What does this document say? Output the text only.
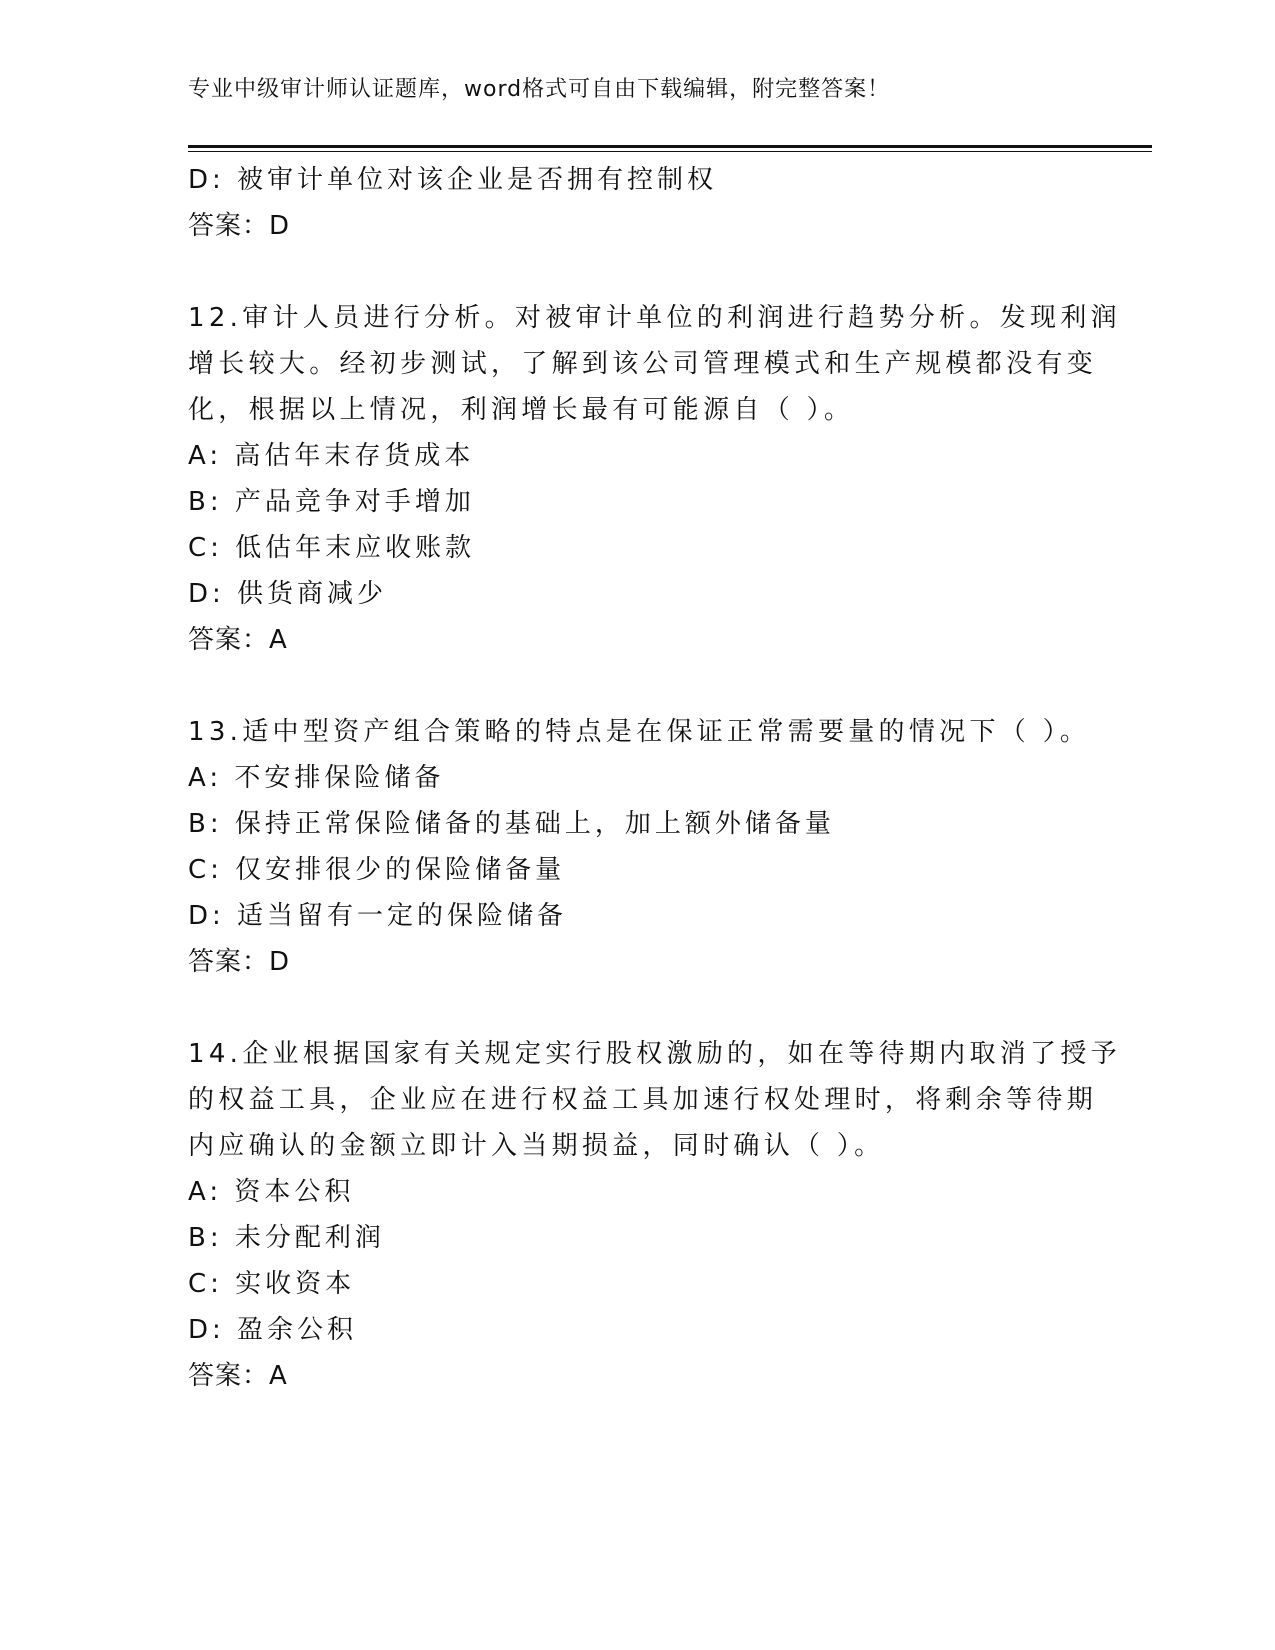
专业中级审计师认证题库，word格式可自由下载编辑，附完整答案！
D: 被审计单位对该企业是否拥有控制权
答案：D
12.审计人员进行分析。对被审计单位的利润进行趋势分析。发现利润
增长较大。经初步测试，了解到该公司管理模式和生产规模都没有变
化，根据以上情况，利润增长最有可能源自（ ）。
A: 高估年末存货成本
B: 产品竞争对手增加
C: 低估年末应收账款
D: 供货商减少
答案：A
13.适中型资产组合策略的特点是在保证正常需要量的情况下（ ）。
A: 不安排保险储备
B: 保持正常保险储备的基础上，加上额外储备量
C: 仅安排很少的保险储备量
D: 适当留有一定的保险储备
答案：D
14.企业根据国家有关规定实行股权激励的，如在等待期内取消了授予
的权益工具，企业应在进行权益工具加速行权处理时，将剩余等待期
内应确认的金额立即计入当期损益，同时确认（ ）。
A: 资本公积
B: 未分配利润
C: 实收资本
D: 盈余公积
答案：A
